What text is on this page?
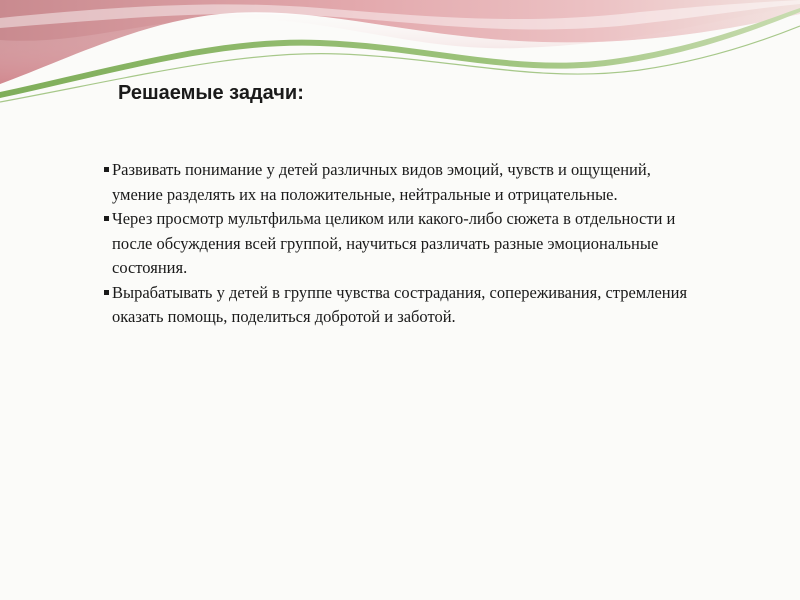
Решаемые задачи:
Развивать понимание у детей различных видов эмоций, чувств и ощущений, умение разделять их на положительные, нейтральные и отрицательные.
Через просмотр мультфильма целиком или какого-либо сюжета в отдельности и после обсуждения всей группой, научиться различать разные эмоциональные состояния.
Вырабатывать у детей в группе чувства сострадания, сопереживания, стремления оказать помощь, поделиться добротой и заботой.
